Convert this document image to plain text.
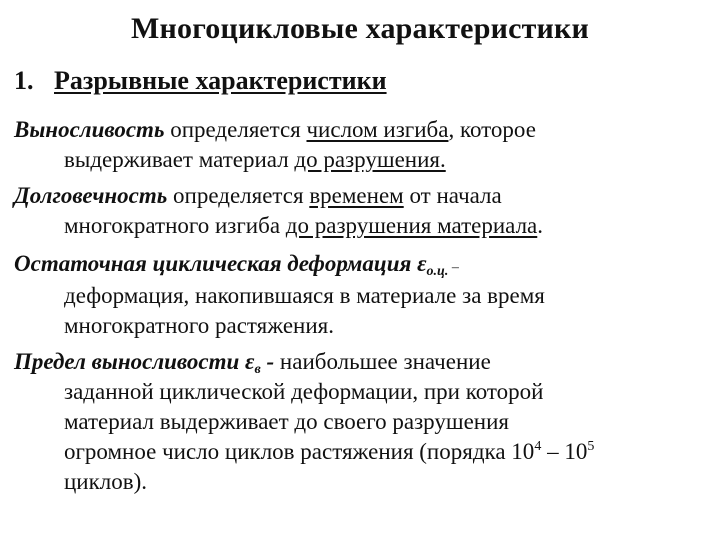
Многоцикловые характеристики
1. Разрывные характеристики
Выносливость определяется числом изгиба, которое
выдерживает материал до разрушения.
Долговечность определяется временем от начала
многократного изгиба до разрушения материала.
Остаточная циклическая деформация $\varepsilon_{о.ц.}$ –
деформация, накопившаяся в материале за время
многократного растяжения.
Предел выносливости $\varepsilon_в$ - наибольшее значение
заданной циклической деформации, при которой
материал выдерживает до своего разрушения
огромное число циклов растяжения (порядка $10^4 - 10^5$
циклов).
